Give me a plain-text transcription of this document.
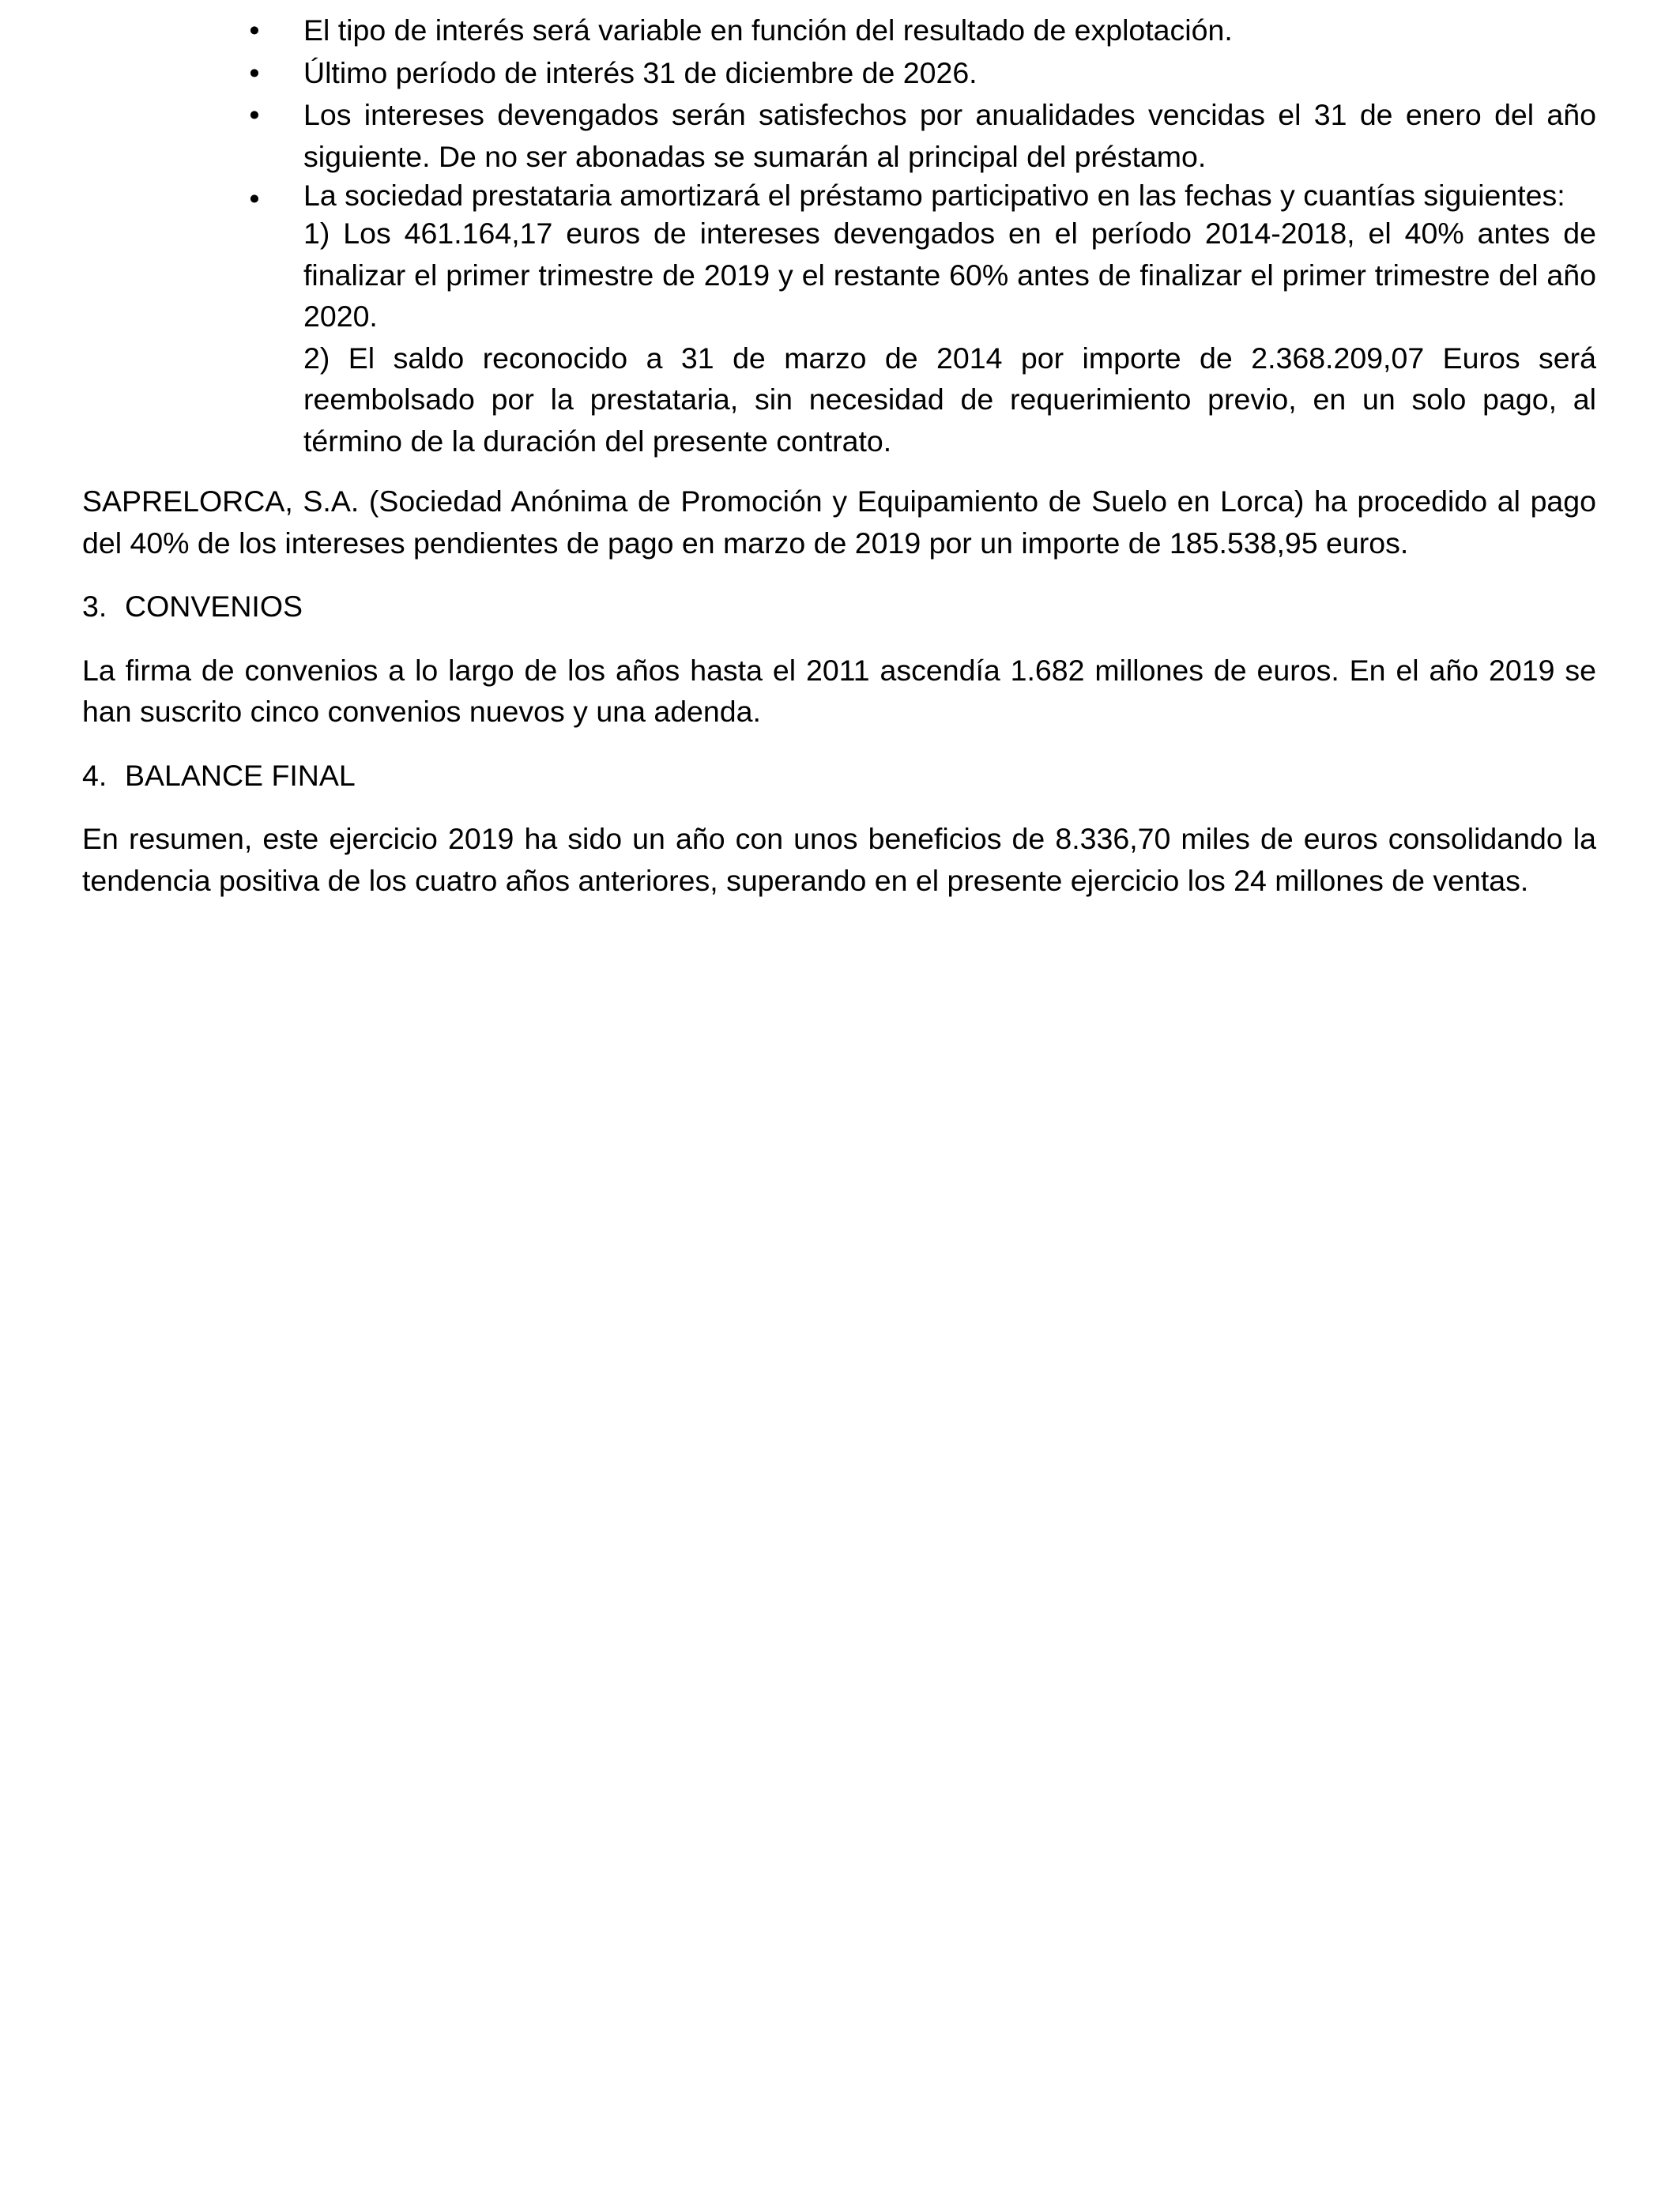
• El tipo de interés será variable en función del resultado de explotación.
• Último período de interés 31 de diciembre de 2026.
• Los intereses devengados serán satisfechos por anualidades vencidas el 31 de enero del año siguiente. De no ser abonadas se sumarán al principal del préstamo.
• La sociedad prestataria amortizará el préstamo participativo en las fechas y cuantías siguientes:
1) Los 461.164,17 euros de intereses devengados en el período 2014-2018, el 40% antes de finalizar el primer trimestre de 2019 y el restante 60% antes de finalizar el primer trimestre del año 2020.
2) El saldo reconocido a 31 de marzo de 2014 por importe de 2.368.209,07 Euros será reembolsado por la prestataria, sin necesidad de requerimiento previo, en un solo pago, al término de la duración del presente contrato.

SAPRELORCA, S.A. (Sociedad Anónima de Promoción y Equipamiento de Suelo en Lorca) ha procedido al pago del 40% de los intereses pendientes de pago en marzo de 2019 por un importe de 185.538,95 euros.

3. CONVENIOS

La firma de convenios a lo largo de los años hasta el 2011 ascendía 1.682 millones de euros. En el año 2019 se han suscrito cinco convenios nuevos y una adenda.

4. BALANCE FINAL

En resumen, este ejercicio 2019 ha sido un año con unos beneficios de 8.336,70 miles de euros consolidando la tendencia positiva de los cuatro años anteriores, superando en el presente ejercicio los 24 millones de ventas.
